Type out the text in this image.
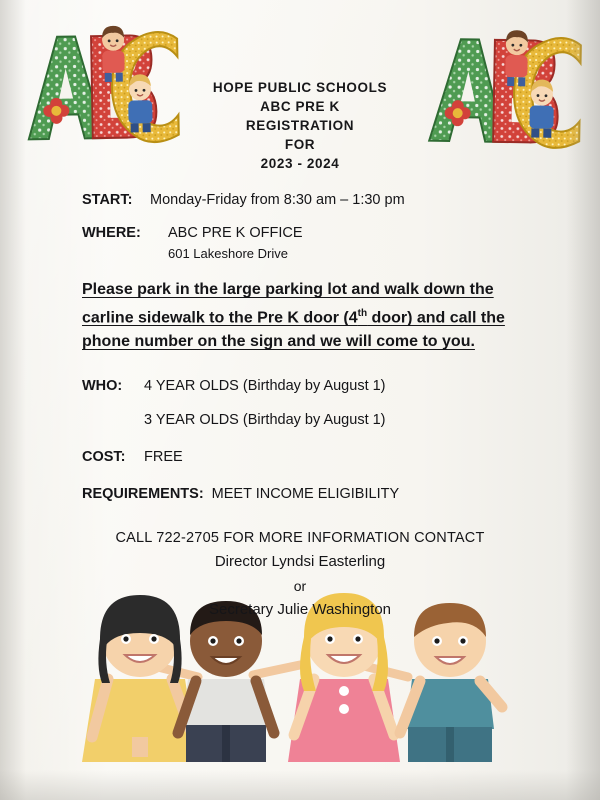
HOPE PUBLIC SCHOOLS
ABC PRE K
REGISTRATION
FOR
2023 - 2024
START:	Monday-Friday from 8:30 am – 1:30 pm
WHERE:	ABC PRE K OFFICE
601 Lakeshore Drive
Please park in the large parking lot and walk down the carline sidewalk to the Pre K door (4th door) and call the phone number on the sign and we will come to you.
WHO:	4 YEAR OLDS (Birthday by August 1)
3 YEAR OLDS (Birthday by August 1)
COST:	FREE
REQUIREMENTS: MEET INCOME ELIGIBILITY
CALL 722-2705 FOR MORE INFORMATION CONTACT
Director Lyndsi Easterling
or
Secretary Julie Washington
